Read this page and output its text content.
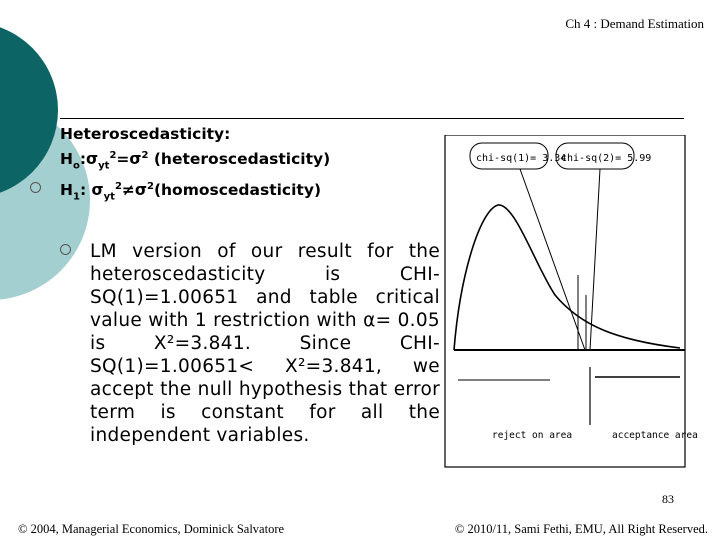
Ch 4 : Demand Estimation
Heteroscedasticity:
$H_o:\sigma_{yt}^2=\sigma^2$ (heteroscedasticity)
$H_1$: $\sigma_{yt}^2\ne\sigma^2(homoscedasticity)$
LM version of our result for the heteroscedasticity is CHI-SQ(1)=1.00651 and table critical value with 1 restriction with α= 0.05 is X²=3.841. Since CHI-SQ(1)=1.00651< X²=3.841, we accept the null hypothesis that error term is constant for all the independent variables.
chi-sq(1)= 3.34
chi-sq(2)= 5.99
reject on area	acceptance area
83
© 2004, Managerial Economics, Dominick Salvatore	© 2010/11, Sami Fethi, EMU, All Right Reserved.
